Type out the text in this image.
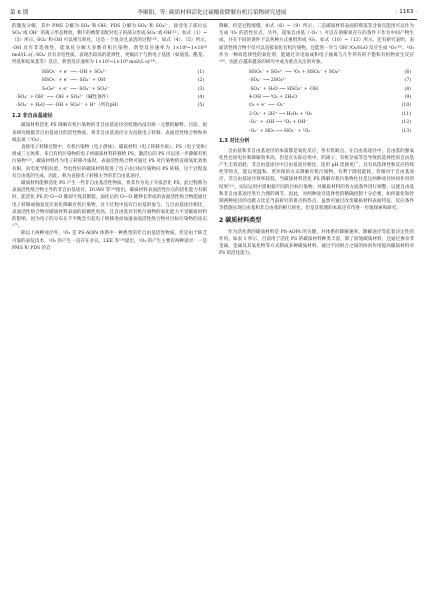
第 6 期	李顺阳，等: 碳质材料活化过硫酸盐降解有机污染物研究进展	· 1163 ·

的激发分解，其中 PMS 分解为·SO₄⁻和·OH；PDS 分解为·SO₄⁻和 SO₄²⁻。接受电子部位以 SO₄⁻或 OH⁻ 的离子形态释放，剩下的携带未配对电子的部分形成·SO₄⁻或·OH⁽¹²⁾。如式（1）~（3）所示，·SO₄⁻和·OH 可以相互转化，这是一个复杂且灵活的过程⁽¹³⁾。如式（4）、（5）所示，·OH 具有非选择性，能氧化分解大多数有机污染物，典型反应速率为 1×10⁶~1×10¹⁰ mol/(L·s)；·SO₄⁻具有亲电性质，表现出较高的选择性，更倾向于与供电子基团（如氨基、酰基、羟基和烷氧基等）反应，典型反应速率为 1×10⁵~1×10⁹ mol/(L·s)⁽¹⁴⁾。

HSO₅⁻ + e⁻ ⟶ ·OH + SO₄²⁻	(1)
HSO₅⁻ + e⁻ ⟶ ·SO₄⁻ + OH⁻	(2)
S₂O₈²⁻ + e⁻ ⟶ ·SO₄⁻ + SO₄²⁻	(3)
·SO₄⁻ + OH⁻ ⟶ ·OH + SO₄²⁻（碱性条件）	(4)
·SO₄⁻ + H₂O ⟶ ·OH + SO₄²⁻ + H⁺（所有pH）	(5)
1.2 非自由基途径

碳质材料活化 PS 降解有机污染物的非自由基途径的机理尚没有统一完整的解释。目前，很多研究根据非自由基途径的活性物质，将非自由基途径分为直接电子转移、表面活性络合物和单线态氧（¹O₂）。

直接电子转移过程中，有机污染物（电子供体）、碳质材料（电子转移介质）、PS（电子受体）组成三元体系，来自有机污染物的电子经碳质材料转移给 PS。激活后的 PS 可以进一步降解有机污染物⁽¹⁵⁾。碳质材料作为电子转移介质时，表面活性络合物可通过 PS 对污染物的直接氧化效果有限，而电化学阻抗低、导电性好的碳质材料促进了电子由目标污染物向 PS 转移，这个过程没有自由基的生成，因此，称为直接电子转移主导的非自由基途径。

碳质材料能够活化 PS 产生一些非自由基活性物质，将其作为电子介质活化 PS，此过程称为表面活性络合物主导的非自由基途径。DUAN 等⁽¹⁶⁾指出，碳质材料表面活性位点的活化能力有限时，能活化 PS 的 O—O 键却不致其断裂，弱化后的 O—O 键伸长形成的表面活性络合物能通过电子转移或抽氢反应氧化降解有机污染物，这个过程中没有自由基的参与。与自由基途径相比，表面活性络合物对碳质材料表面的依赖性更高，且自由基对有机污染物的氧化能力不受碳质材料的影响，因为电子的分布在不平衡会引起电子转移进而加速表面活性络合物对目标污染物的攻击⁽¹⁷⁾。

除以上两种途径外，¹O₂ 是 PS-AOPs 体系中一种典型的非自由基活性物质，但是由于缺乏可靠的表征技术，¹O₂ 的产生一直存在争议。LEE 等⁽¹⁸⁾提出，¹O₂ 的产生主要有两种途径：一是 PMS 和 PDS 的自

降解，但是过程缓慢，如式（6）~（9）所示；二是碳质材料表面的羰基等含氧官能团可以作为生成 ¹O₂ 的活性位点，另外，超氧自由基（·O₂⁻）可以在溶解氧存在的条件下作为中间产物生成，并在不同的条件下以各种方式重组形成 ¹O₂，如式（10）~（13）所示。还有研究表明，表面活性络合物不仅可以直接氧化有机污染物，还能进一步与 OH⁻/O₂/H₂O 反应生成 ¹O₂⁽¹⁹⁾。¹O₂ 作为一种高选择性的氧化剂，能通过亲电加成和电子抽离与几乎所有的不饱和有机物发生反应⁽²⁰⁾，因此在越来越多的研究中成为重点关注的对象。

HSO₅⁻ + SO₅²⁻ ⟶ ³O₂ + HSO₄⁻ + SO₄²⁻	(6)
·SO₄⁻ ⟶ 2SO₄²⁻	(7)
·SO₄⁻ + H₂O ⟶ HSO₄⁻ + ·OH	(8)
4·OH ⟶ ³O₂ + 2H₂O	(9)
O₂ + e⁻ ⟶ ·O₂⁻	(10)
2·O₂⁻ + 2H⁺ ⟶ H₂O₂ + ¹O₂	(11)
·O₂⁻ + ·OH ⟶ ¹O₂ + OH⁻	(12)
·O₂⁻ + HO₂ ⟶ HO₂⁻ + ¹O₂	(13)
1.3 对比分析

自由基和非自由基途径的本质都是氧化反应，各有优缺点。在自由基途径中，自由基的强氧化性还原电位和降解效率高，但是在实际应用中，阴离子、有机杂质等会导致低选择性的自由基产生无效消耗；非自由基途径中自由基途径相比，适用 pH 范围更广，具有高选择性和反应持续性等特点，能以更温和、更环保的方式降解有机污染物，有利于降低能耗，但相对于自由基途径，非自由基途径效率较低，当碳质材料活化 PS 降解有机污染物往往是这两种途径协同作用的结果⁽²¹⁾。实际运用中需根据不同的目标污染物，对碳质材料的各方面条件进行调整，以使自由基和非自由基途径进行合理的调节，因此，对两种途径选择性的精确控制十分必要。如何量化和控制两种途径的贡献占比是当前研究的难点和热点。虽然可通过改变碳质材料表面特征、反应条件等措施实现自由基和非自由基的相互转化，但是其机理的本质还有待进一步地探索和研究。

2 碳质材料类型

作为活化剂的碳质材料是 PS-AOPs 的关键，对体系的降解速率、降解途径等起着决定性的作用。如表 1 所示，目前用于活化 PS 的碳质材料种类丰富，除了原始碳质材料，还通过掺杂非金属、金属及其氧化物等方式制成多种碳质材料。通过不同组合之间的协同作用提高碳质材料对 PS 的活化能力。
